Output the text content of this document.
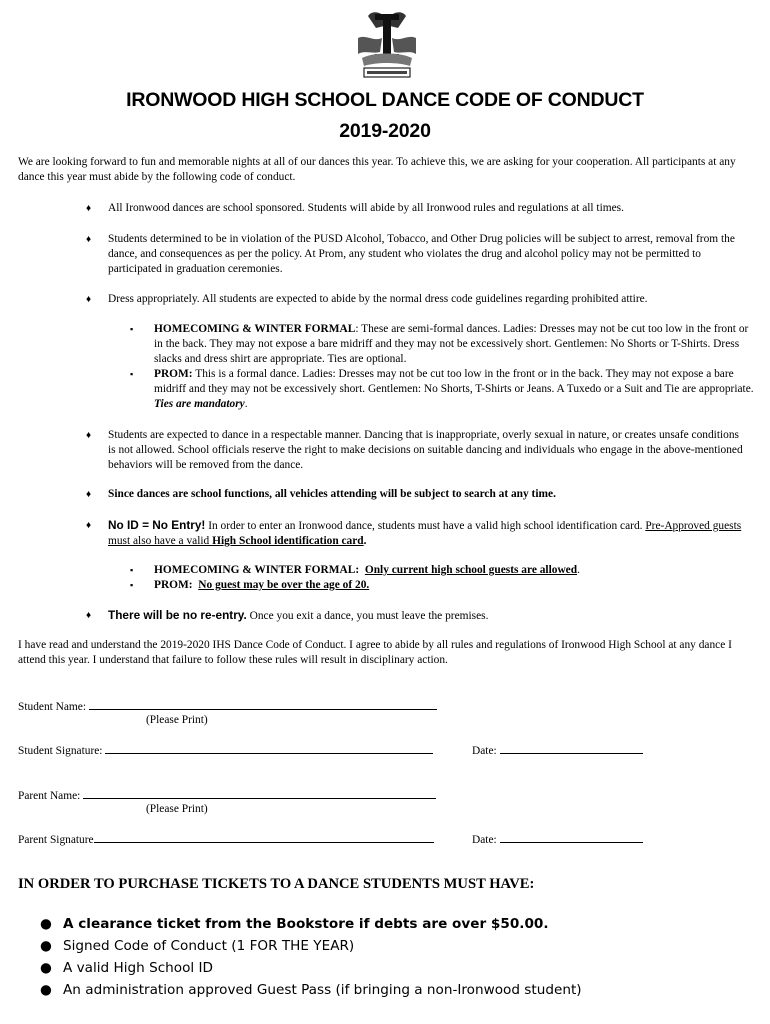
IRONWOOD HIGH SCHOOL DANCE CODE OF CONDUCT
2019-2020
We are looking forward to fun and memorable nights at all of our dances this year. To achieve this, we are asking for your cooperation. All participants at any dance this year must abide by the following code of conduct.
♦ All Ironwood dances are school sponsored. Students will abide by all Ironwood rules and regulations at all times.
♦ Students determined to be in violation of the PUSD Alcohol, Tobacco, and Other Drug policies will be subject to arrest, removal from the dance, and consequences as per the policy. At Prom, any student who violates the drug and alcohol policy may not be permitted to participated in graduation ceremonies.
♦ Dress appropriately. All students are expected to abide by the normal dress code guidelines regarding prohibited attire.
▪ HOMECOMING & WINTER FORMAL: These are semi-formal dances. Ladies: Dresses may not be cut too low in the front or in the back. They may not expose a bare midriff and they may not be excessively short. Gentlemen: No Shorts or T-Shirts. Dress slacks and dress shirt are appropriate. Ties are optional.
▪ PROM: This is a formal dance. Ladies: Dresses may not be cut too low in the front or in the back. They may not expose a bare midriff and they may not be excessively short. Gentlemen: No Shorts, T-Shirts or Jeans. A Tuxedo or a Suit and Tie are appropriate. Ties are mandatory.
♦ Students are expected to dance in a respectable manner. Dancing that is inappropriate, overly sexual in nature, or creates unsafe conditions is not allowed. School officials reserve the right to make decisions on suitable dancing and individuals who engage in the above-mentioned behaviors will be removed from the dance.
♦ Since dances are school functions, all vehicles attending will be subject to search at any time.
♦ No ID = No Entry! In order to enter an Ironwood dance, students must have a valid high school identification card. Pre-Approved guests must also have a valid High School identification card.
▪ HOMECOMING & WINTER FORMAL: Only current high school guests are allowed.
▪ PROM: No guest may be over the age of 20.
♦ There will be no re-entry. Once you exit a dance, you must leave the premises.
I have read and understand the 2019-2020 IHS Dance Code of Conduct. I agree to abide by all rules and regulations of Ironwood High School at any dance I attend this year. I understand that failure to follow these rules will result in disciplinary action.
Student Name:
(Please Print)
Student Signature:	Date:
Parent Name:
(Please Print)
Parent Signature	Date:
IN ORDER TO PURCHASE TICKETS TO A DANCE STUDENTS MUST HAVE:
● A clearance ticket from the Bookstore if debts are over $50.00.
● Signed Code of Conduct (1 FOR THE YEAR)
● A valid High School ID
● An administration approved Guest Pass (if bringing a non-Ironwood student)
